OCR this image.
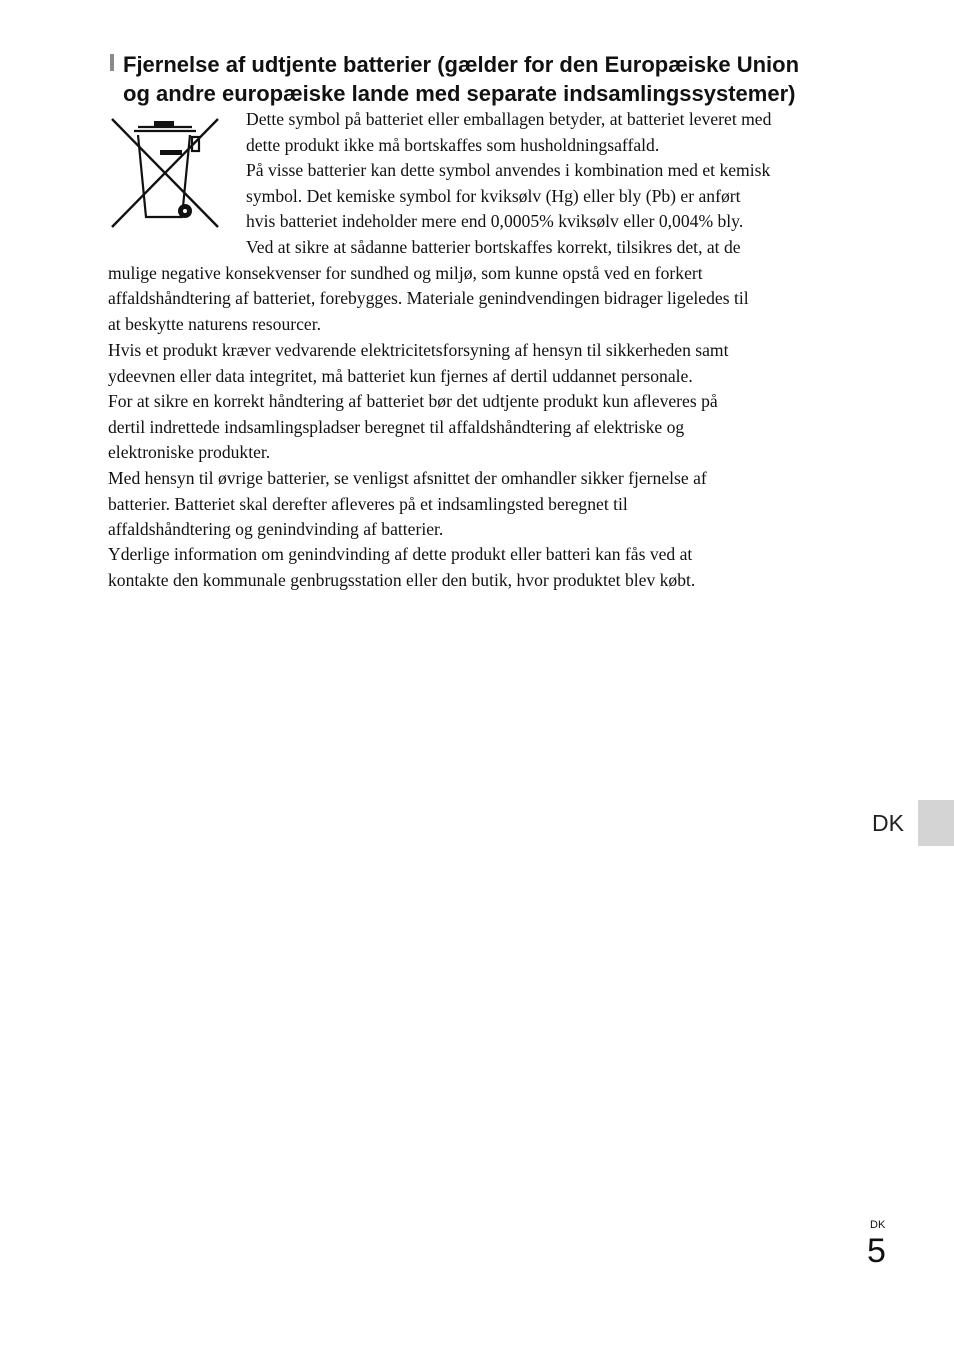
Fjernelse af udtjente batterier (gælder for den Europæiske Union
og andre europæiske lande med separate indsamlingssystemer)
Dette symbol på batteriet eller emballagen betyder, at batteriet leveret med
dette produkt ikke må bortskaffes som husholdningsaffald.
På visse batterier kan dette symbol anvendes i kombination med et kemisk
symbol. Det kemiske symbol for kviksølv (Hg) eller bly (Pb) er anført
hvis batteriet indeholder mere end 0,0005% kviksølv eller 0,004% bly.
Ved at sikre at sådanne batterier bortskaffes korrekt, tilsikres det, at de
mulige negative konsekvenser for sundhed og miljø, som kunne opstå ved en forkert
affaldshåndtering af batteriet, forebygges. Materiale genindvendingen bidrager ligeledes til
at beskytte naturens resourcer.
Hvis et produkt kræver vedvarende elektricitetsforsyning af hensyn til sikkerheden samt
ydeevnen eller data integritet, må batteriet kun fjernes af dertil uddannet personale.
For at sikre en korrekt håndtering af batteriet bør det udtjente produkt kun afleveres på
dertil indrettede indsamlingspladser beregnet til affaldshåndtering af elektriske og
elektroniske produkter.
Med hensyn til øvrige batterier, se venligst afsnittet der omhandler sikker fjernelse af
batterier. Batteriet skal derefter afleveres på et indsamlingsted beregnet til
affaldshåndtering og genindvinding af batterier.
Yderlige information om genindvinding af dette produkt eller batteri kan fås ved at
kontakte den kommunale genbrugsstation eller den butik, hvor produktet blev købt.
DK
DK
5
